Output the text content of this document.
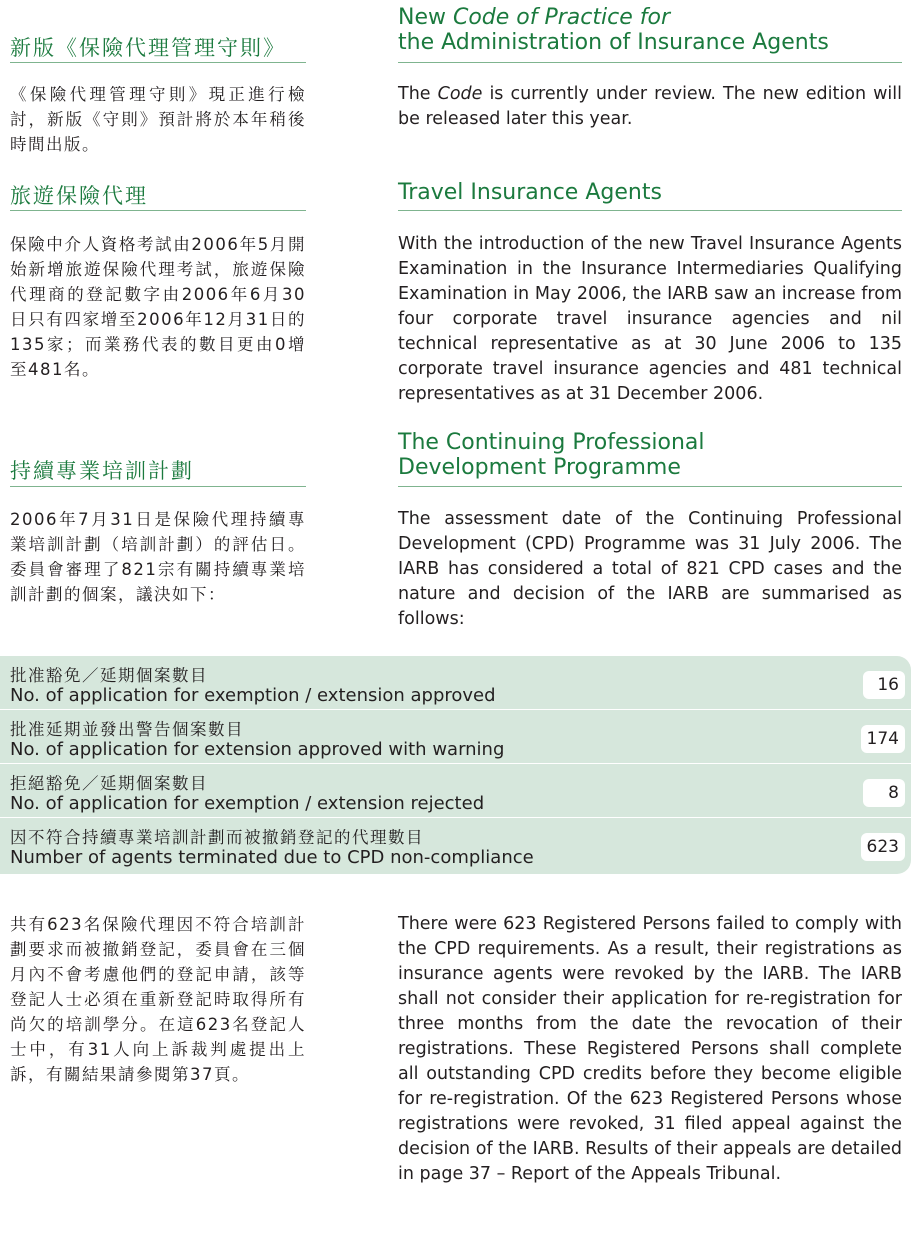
新版《保險代理管理守則》
New Code of Practice for
the Administration of Insurance Agents

《保險代理管理守則》現正進行檢討，新版《守則》預計將於本年稍後時間出版。

The Code is currently under review. The new edition will be released later this year.

旅遊保險代理	Travel Insurance Agents

保險中介人資格考試由2006年5月開始新增旅遊保險代理考試，旅遊保險代理商的登記數字由2006年6月30日只有四家增至2006年12月31日的135家；而業務代表的數目更由0增至481名。

With the introduction of the new Travel Insurance Agents Examination in the Insurance Intermediaries Qualifying Examination in May 2006, the IARB saw an increase from four corporate travel insurance agencies and nil technical representative as at 30 June 2006 to 135 corporate travel insurance agencies and 481 technical representatives as at 31 December 2006.

持續專業培訓計劃
The Continuing Professional
Development Programme

2006年7月31日是保險代理持續專業培訓計劃（培訓計劃）的評估日。委員會審理了821宗有關持續專業培訓計劃的個案，議決如下：

The assessment date of the Continuing Professional Development (CPD) Programme was 31 July 2006. The IARB has considered a total of 821 CPD cases and the nature and decision of the IARB are summarised as follows:

批准豁免／延期個案數目
No. of application for exemption / extension approved	16
批准延期並發出警告個案數目
No. of application for extension approved with warning	174
拒絕豁免／延期個案數目
No. of application for exemption / extension rejected	8
因不符合持續專業培訓計劃而被撤銷登記的代理數目
Number of agents terminated due to CPD non-compliance	623

共有623名保險代理因不符合培訓計劃要求而被撤銷登記，委員會在三個月內不會考慮他們的登記申請，該等登記人士必須在重新登記時取得所有尚欠的培訓學分。在這623名登記人士中，有31人向上訴裁判處提出上訴，有關結果請參閱第37頁。

There were 623 Registered Persons failed to comply with the CPD requirements. As a result, their registrations as insurance agents were revoked by the IARB. The IARB shall not consider their application for re-registration for three months from the date the revocation of their registrations. These Registered Persons shall complete all outstanding CPD credits before they become eligible for re-registration. Of the 623 Registered Persons whose registrations were revoked, 31 filed appeal against the decision of the IARB. Results of their appeals are detailed in page 37 – Report of the Appeals Tribunal.
